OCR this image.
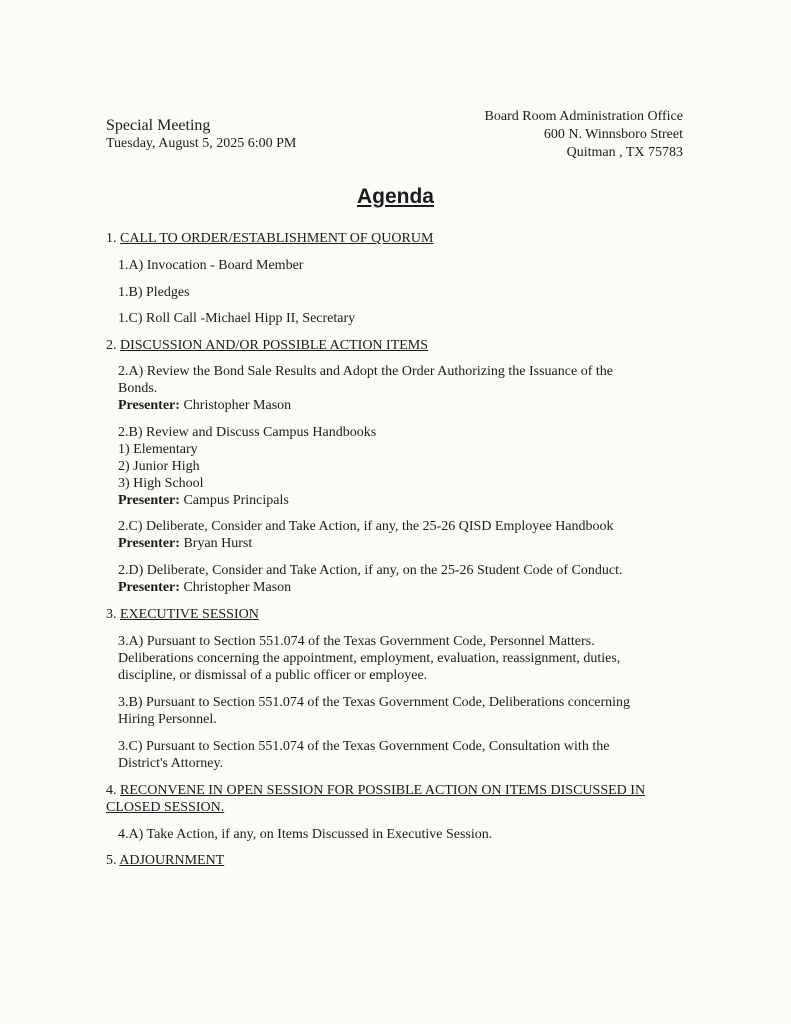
Special Meeting
Tuesday, August 5, 2025 6:00 PM
Board Room Administration Office
600 N. Winnsboro Street
Quitman , TX 75783
Agenda
1. CALL TO ORDER/ESTABLISHMENT OF QUORUM
1.A) Invocation - Board Member
1.B) Pledges
1.C) Roll Call -Michael Hipp II, Secretary
2. DISCUSSION AND/OR POSSIBLE ACTION ITEMS
2.A) Review the Bond Sale Results and Adopt the Order Authorizing the Issuance of the
Bonds.
Presenter: Christopher Mason
2.B) Review and Discuss Campus Handbooks
1) Elementary
2) Junior High
3) High School
Presenter: Campus Principals
2.C) Deliberate, Consider and Take Action, if any, the 25-26 QISD Employee Handbook
Presenter: Bryan Hurst
2.D) Deliberate, Consider and Take Action, if any, on the 25-26 Student Code of Conduct.
Presenter: Christopher Mason
3. EXECUTIVE SESSION
3.A) Pursuant to Section 551.074 of the Texas Government Code, Personnel Matters.
Deliberations concerning the appointment, employment, evaluation, reassignment, duties,
discipline, or dismissal of a public officer or employee.
3.B) Pursuant to Section 551.074 of the Texas Government Code, Deliberations concerning
Hiring Personnel.
3.C) Pursuant to Section 551.074 of the Texas Government Code, Consultation with the
District's Attorney.
4. RECONVENE IN OPEN SESSION FOR POSSIBLE ACTION ON ITEMS DISCUSSED IN
CLOSED SESSION.
4.A) Take Action, if any, on Items Discussed in Executive Session.
5. ADJOURNMENT
